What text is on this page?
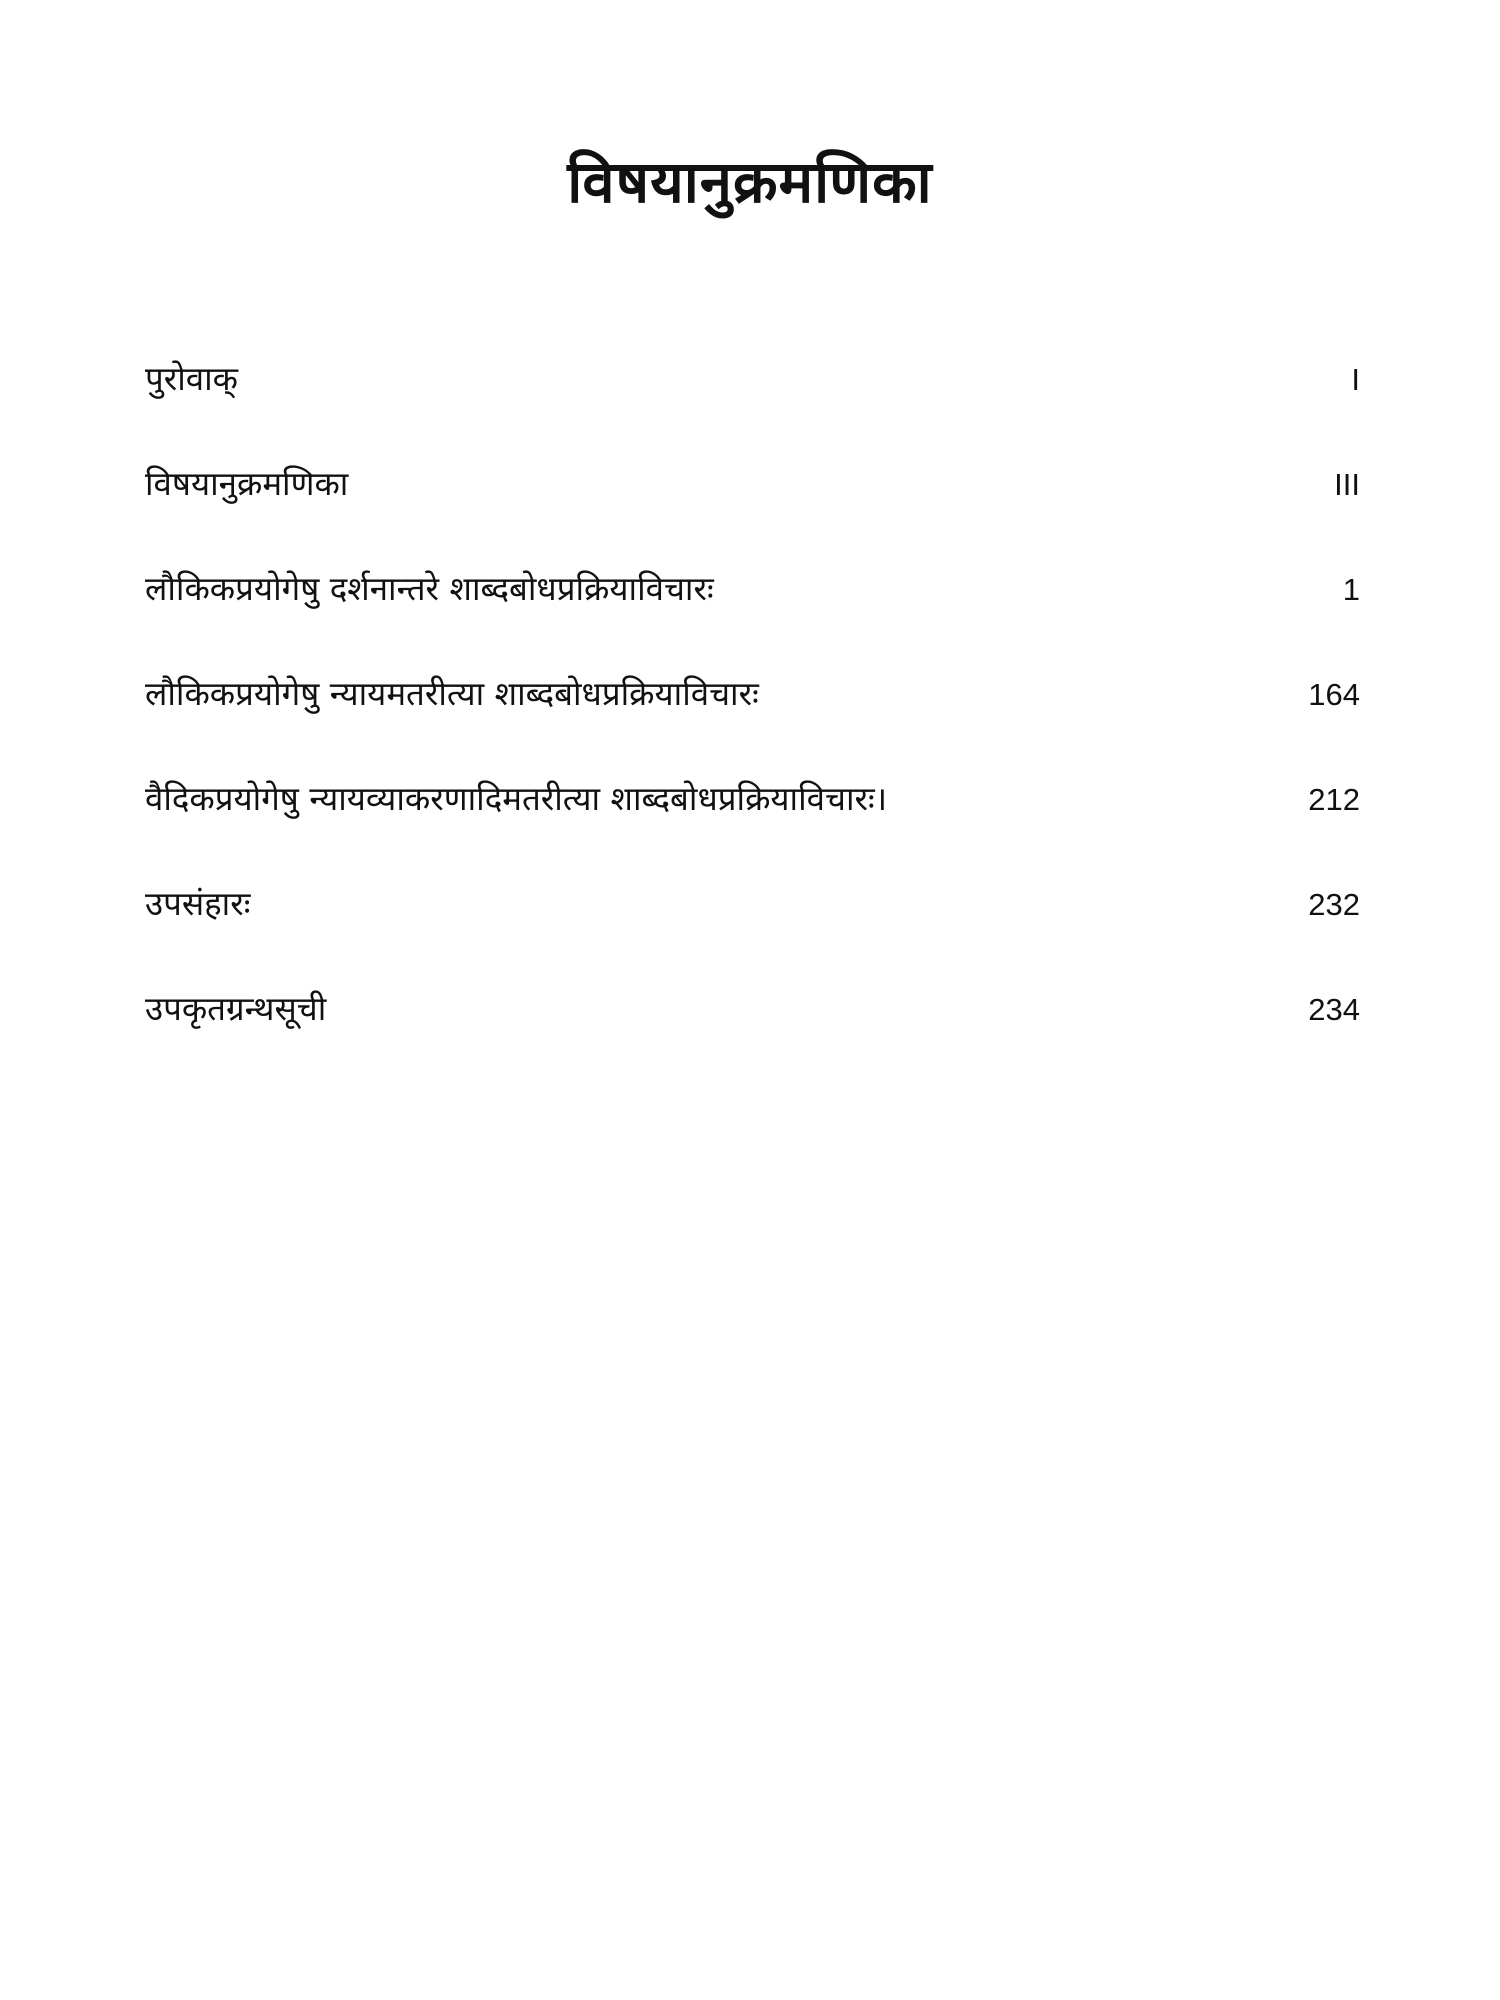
विषयानुक्रमणिका
पुरोवाक्	I
विषयानुक्रमणिका	III
लौकिकप्रयोगेषु दर्शनान्तरे शाब्दबोधप्रक्रियाविचारः	1
लौकिकप्रयोगेषु न्यायमतरीत्या शाब्दबोधप्रक्रियाविचारः	164
वैदिकप्रयोगेषु न्यायव्याकरणादिमतरीत्या शाब्दबोधप्रक्रियाविचारः।	212
उपसंहारः	232
उपकृतग्रन्थसूची	234
